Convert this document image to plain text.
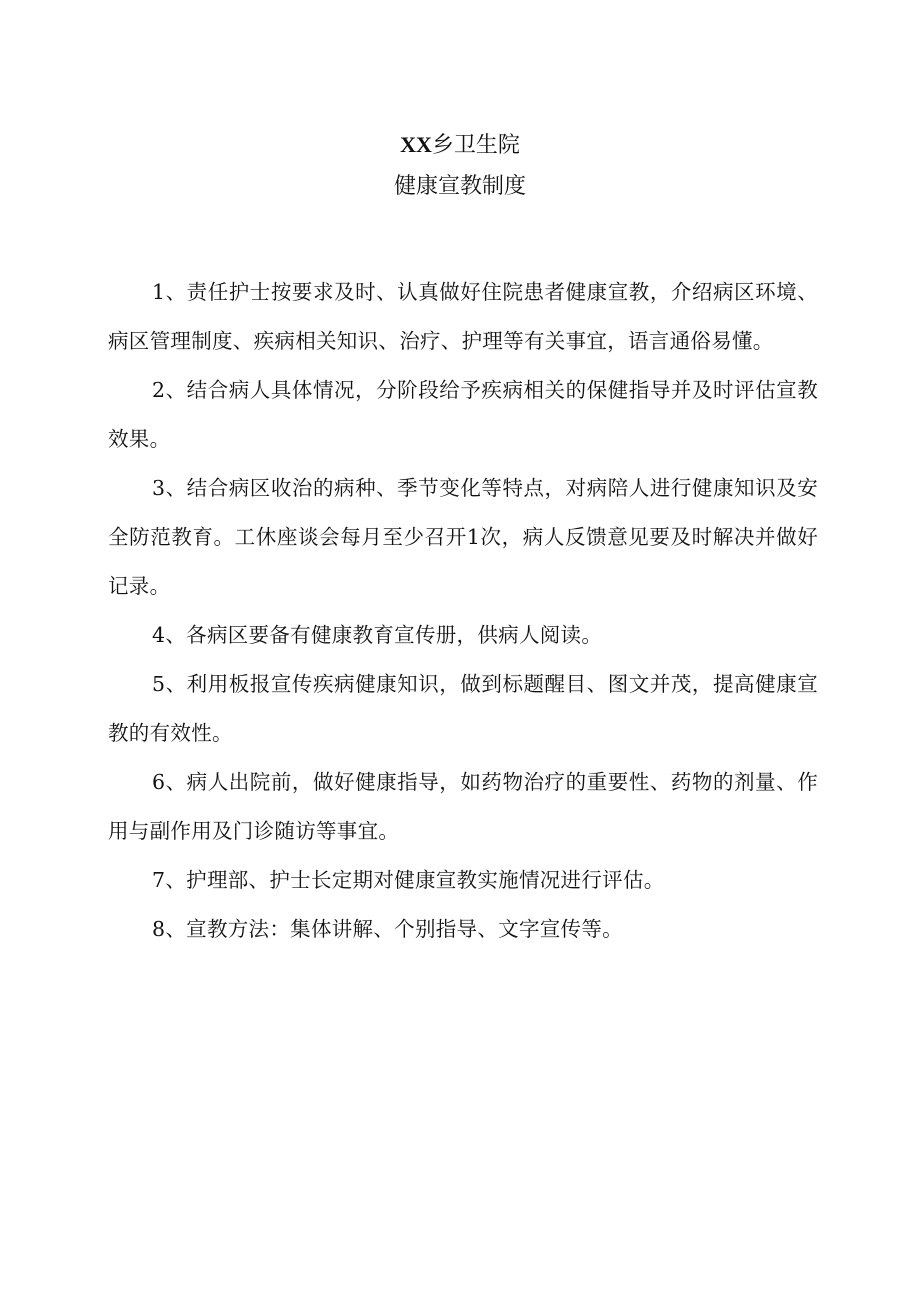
XX乡卫生院
健康宣教制度

1、责任护士按要求及时、认真做好住院患者健康宣教，介绍病区环境、病区管理制度、疾病相关知识、治疗、护理等有关事宜，语言通俗易懂。

2、结合病人具体情况，分阶段给予疾病相关的保健指导并及时评估宣教效果。

3、结合病区收治的病种、季节变化等特点，对病陪人进行健康知识及安全防范教育。工休座谈会每月至少召开1次，病人反馈意见要及时解决并做好记录。

4、各病区要备有健康教育宣传册，供病人阅读。

5、利用板报宣传疾病健康知识，做到标题醒目、图文并茂，提高健康宣教的有效性。

6、病人出院前，做好健康指导，如药物治疗的重要性、药物的剂量、作用与副作用及门诊随访等事宜。

7、护理部、护士长定期对健康宣教实施情况进行评估。

8、宣教方法：集体讲解、个别指导、文字宣传等。
